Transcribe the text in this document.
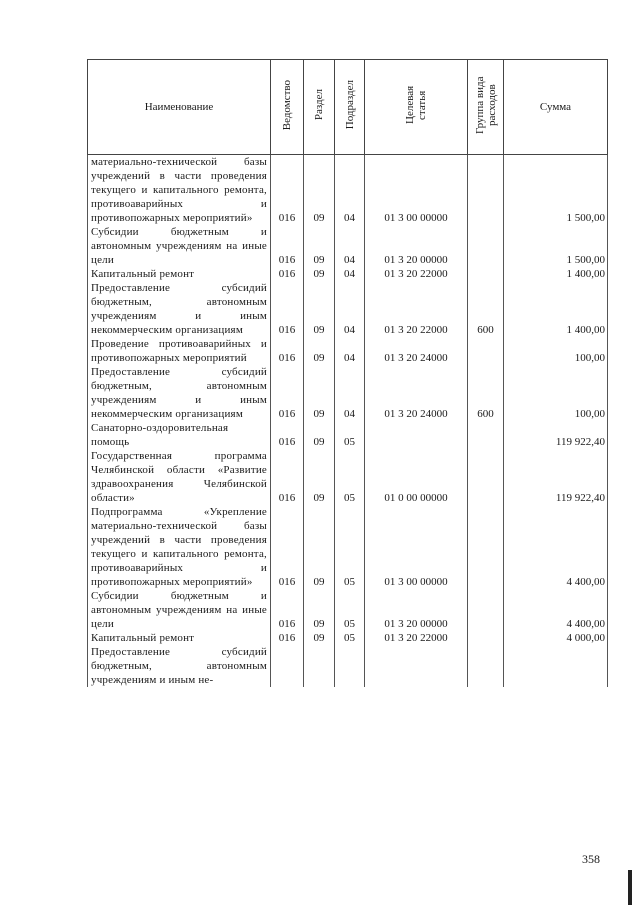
Наименование	Ведомство	Раздел	Подраздел	Целевая статья	Группа вида расходов	Сумма
материально-технической базы учреждений в части проведения текущего и капитального ремонта, противоаварийных и противопожарных мероприятий»	016	09	04	01 3 00 00000		1 500,00
Субсидии бюджетным и автономным учреждениям на иные цели	016	09	04	01 3 20 00000		1 500,00
Капитальный ремонт	016	09	04	01 3 20 22000		1 400,00
Предоставление субсидий бюджетным, автономным учреждениям и иным некоммерческим организациям	016	09	04	01 3 20 22000	600	1 400,00
Проведение противоаварийных и противопожарных мероприятий	016	09	04	01 3 20 24000		100,00
Предоставление субсидий бюджетным, автономным учреждениям и иным некоммерческим организациям	016	09	04	01 3 20 24000	600	100,00
Санаторно-оздоровительная помощь	016	09	05			119 922,40
Государственная программа Челябинской области «Развитие здравоохранения Челябинской области»	016	09	05	01 0 00 00000		119 922,40
Подпрограмма «Укрепление материально-технической базы учреждений в части проведения текущего и капитального ремонта, противоаварийных и противопожарных мероприятий»	016	09	05	01 3 00 00000		4 400,00
Субсидии бюджетным и автономным учреждениям на иные цели	016	09	05	01 3 20 00000		4 400,00
Капитальный ремонт	016	09	05	01 3 20 22000		4 000,00
Предоставление субсидий бюджетным, автономным учреждениям и иным не-						
358
